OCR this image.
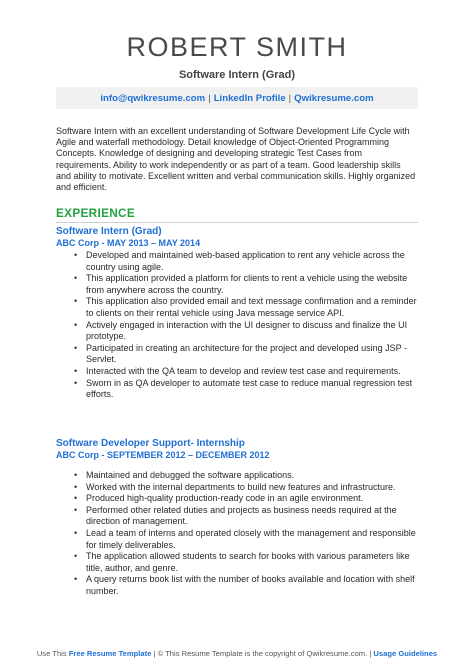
ROBERT SMITH
Software Intern (Grad)
info@qwikresume.com | LinkedIn Profile | Qwikresume.com

Software Intern with an excellent understanding of Software Development Life Cycle with Agile and waterfall methodology. Detail knowledge of Object-Oriented Programming Concepts. Knowledge of designing and developing strategic Test Cases from requirements. Ability to work independently or as part of a team. Good leadership skills and ability to motivate. Excellent written and verbal communication skills. Highly organized and efficient.

EXPERIENCE
Software Intern (Grad)
ABC Corp - MAY 2013 – MAY 2014
• Developed and maintained web-based application to rent any vehicle across the country using agile.
• This application provided a platform for clients to rent a vehicle using the website from anywhere across the country.
• This application also provided email and text message confirmation and a reminder to clients on their rental vehicle using Java message service API.
• Actively engaged in interaction with the UI designer to discuss and finalize the UI prototype.
• Participated in creating an architecture for the project and developed using JSP - Servlet.
• Interacted with the QA team to develop and review test case and requirements.
• Sworn in as QA developer to automate test case to reduce manual regression test efforts.
Software Developer Support- Internship
ABC Corp - SEPTEMBER 2012 – DECEMBER 2012
• Maintained and debugged the software applications.
• Worked with the internal departments to build new features and infrastructure.
• Produced high-quality production-ready code in an agile environment.
• Performed other related duties and projects as business needs required at the direction of management.
• Lead a team of interns and operated closely with the management and responsible for timely deliverables.
• The application allowed students to search for books with various parameters like title, author, and genre.
• A query returns book list with the number of books available and location with shelf number.
Use This Free Resume Template | © This Resume Template is the copyright of Qwikresume.com. | Usage Guidelines
